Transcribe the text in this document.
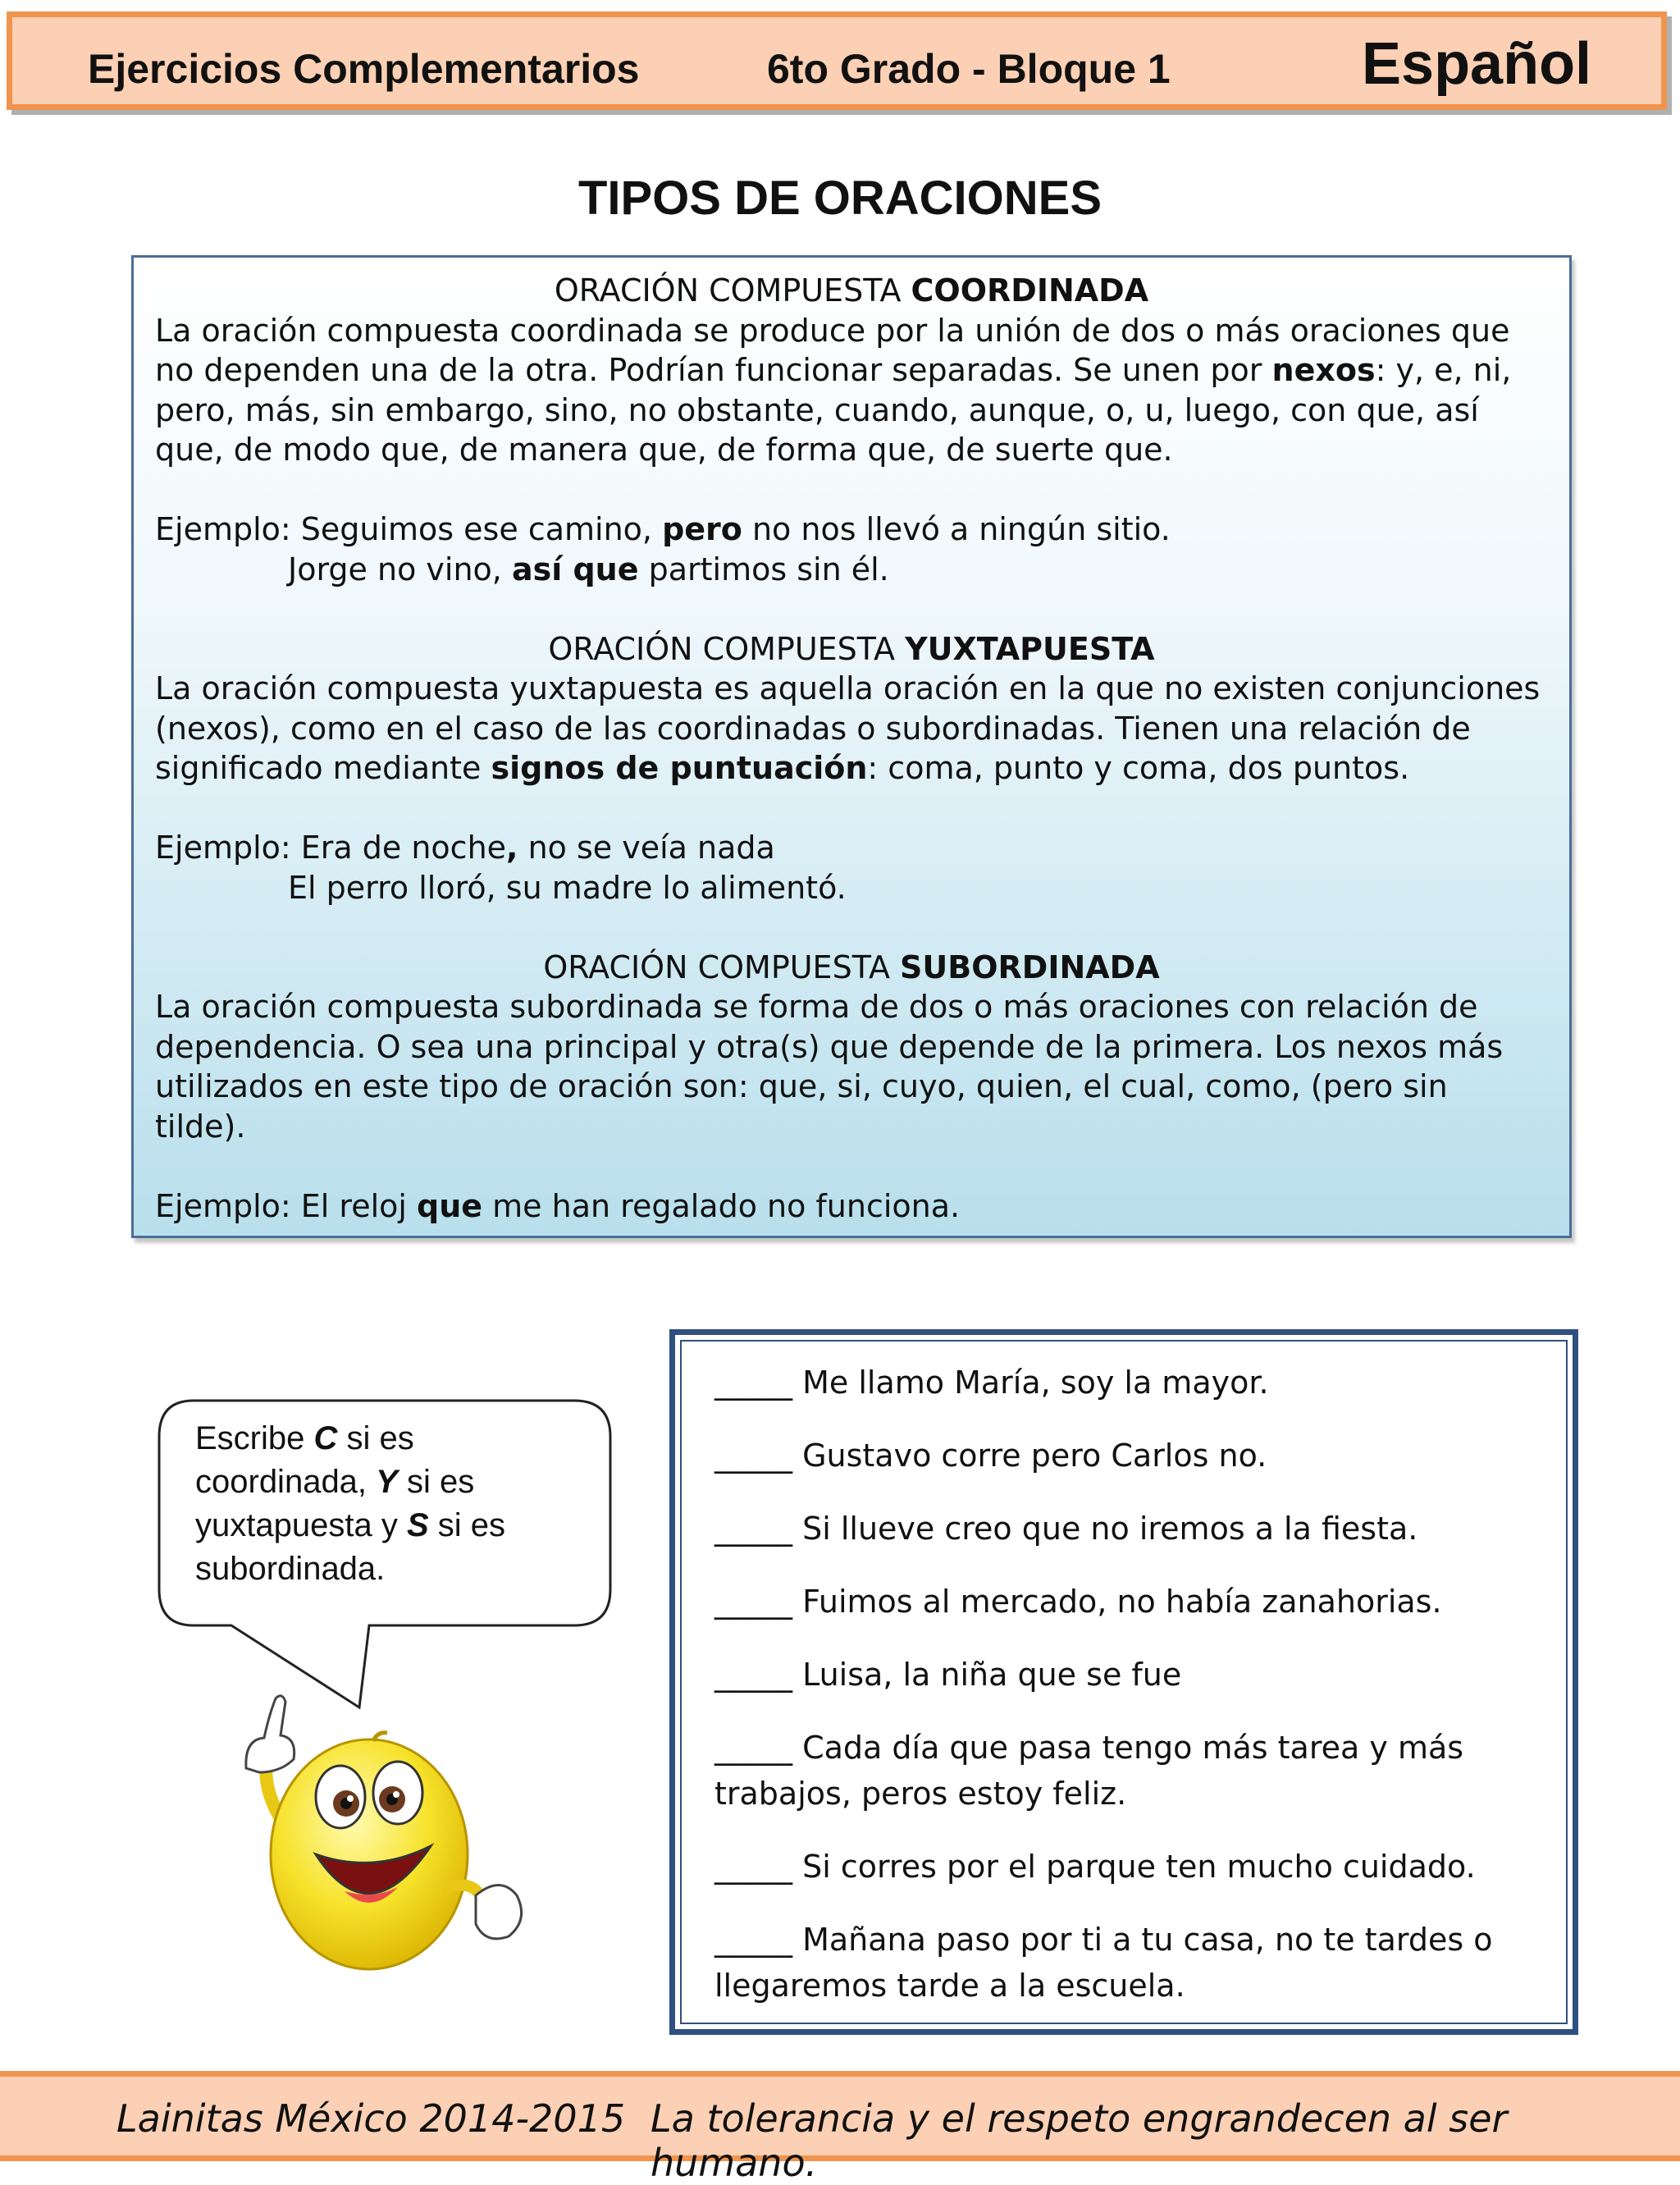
Ejercicios Complementarios	6to Grado - Bloque 1	Español
TIPOS DE ORACIONES

ORACIÓN COMPUESTA COORDINADA

La oración compuesta coordinada se produce por la unión de dos o más oraciones que no dependen una de la otra. Podrían funcionar separadas. Se unen por nexos: y, e, ni, pero, más, sin embargo, sino, no obstante, cuando, aunque, o, u, luego, con que, así que, de modo que, de manera que, de forma que, de suerte que.

Ejemplo: Seguimos ese camino, pero no nos llevó a ningún sitio.

Jorge no vino, así que partimos sin él.

ORACIÓN COMPUESTA YUXTAPUESTA

La oración compuesta yuxtapuesta es aquella oración en la que no existen conjunciones (nexos), como en el caso de las coordinadas o subordinadas. Tienen una relación de significado mediante signos de puntuación: coma, punto y coma, dos puntos.

Ejemplo: Era de noche, no se veía nada

El perro lloró, su madre lo alimentó.

ORACIÓN COMPUESTA SUBORDINADA

La oración compuesta subordinada se forma de dos o más oraciones con relación de dependencia. O sea una principal y otra(s) que depende de la primera. Los nexos más utilizados en este tipo de oración son: que, si, cuyo, quien, el cual, como, (pero sin tilde).

Ejemplo: El reloj que me han regalado no funciona.

Escribe C si es coordinada, Y si es yuxtapuesta y S si es subordinada.

_____ Me llamo María, soy la mayor.

_____ Gustavo corre pero Carlos no.

_____ Si llueve creo que no iremos a la fiesta.

_____ Fuimos al mercado, no había zanahorias.

_____ Luisa, la niña que se fue

_____ Cada día que pasa tengo más tarea y más trabajos, peros estoy feliz.

_____ Si corres por el parque ten mucho cuidado.

_____ Mañana paso por ti a tu casa, no te tardes o llegaremos tarde a la escuela.

Lainitas México 2014-2015 La tolerancia y el respeto engrandecen al ser humano.
